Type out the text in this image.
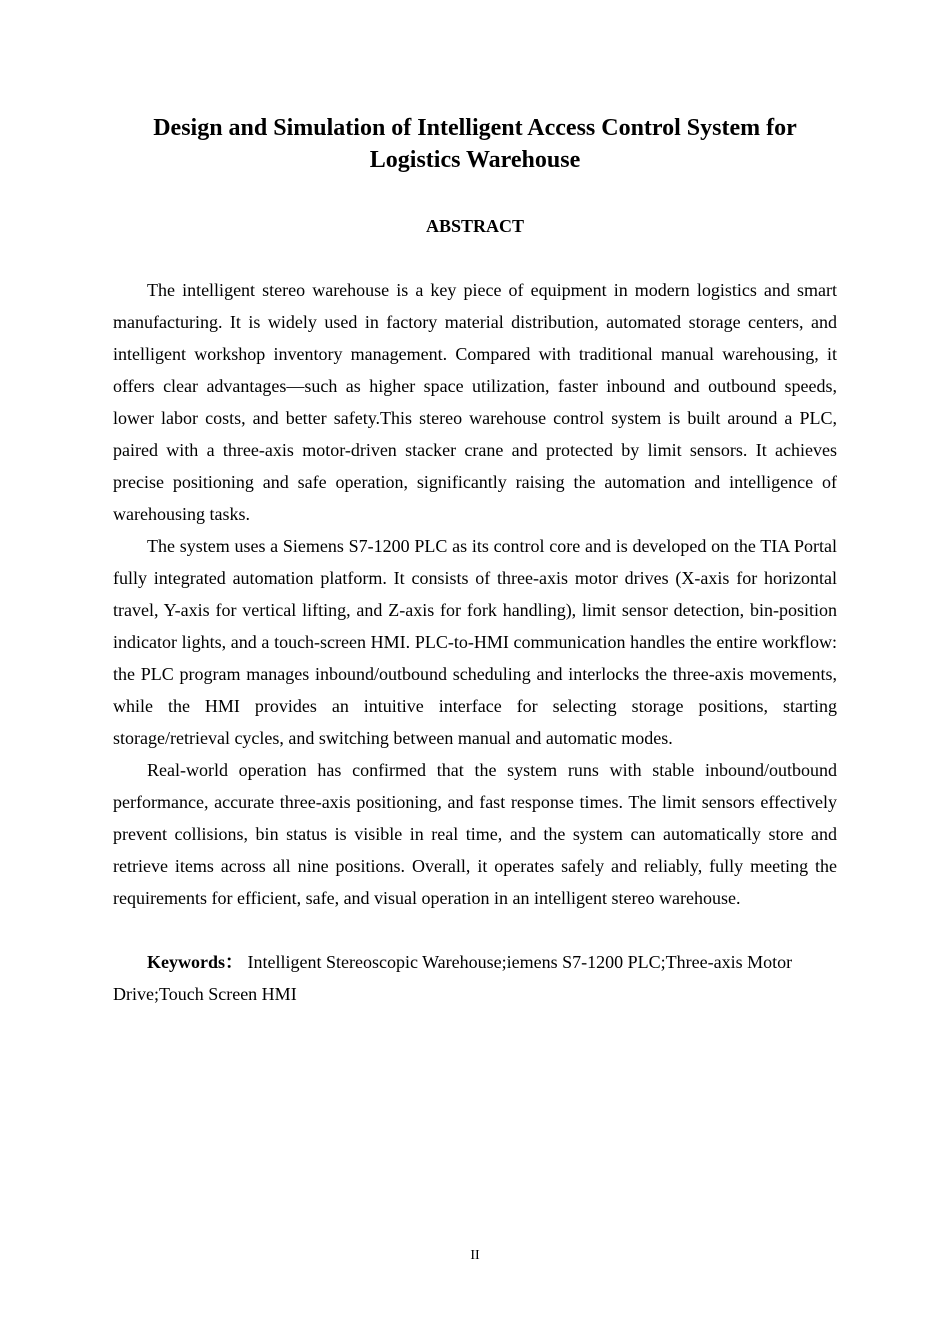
Design and Simulation of Intelligent Access Control System for
Logistics Warehouse
ABSTRACT

The intelligent stereo warehouse is a key piece of equipment in modern logistics and smart manufacturing. It is widely used in factory material distribution, automated storage centers, and intelligent workshop inventory management. Compared with traditional manual warehousing, it offers clear advantages—such as higher space utilization, faster inbound and outbound speeds, lower labor costs, and better safety.This stereo warehouse control system is built around a PLC, paired with a three-axis motor-driven stacker crane and protected by limit sensors. It achieves precise positioning and safe operation, significantly raising the automation and intelligence of warehousing tasks.

The system uses a Siemens S7-1200 PLC as its control core and is developed on the TIA Portal fully integrated automation platform. It consists of three-axis motor drives (X-axis for horizontal travel, Y-axis for vertical lifting, and Z-axis for fork handling), limit sensor detection, bin-position indicator lights, and a touch-screen HMI. PLC-to-HMI communication handles the entire workflow: the PLC program manages inbound/outbound scheduling and interlocks the three-axis movements, while the HMI provides an intuitive interface for selecting storage positions, starting storage/retrieval cycles, and switching between manual and automatic modes.

Real-world operation has confirmed that the system runs with stable inbound/outbound performance, accurate three-axis positioning, and fast response times. The limit sensors effectively prevent collisions, bin status is visible in real time, and the system can automatically store and retrieve items across all nine positions. Overall, it operates safely and reliably, fully meeting the requirements for efficient, safe, and visual operation in an intelligent stereo warehouse.

Keywords： Intelligent Stereoscopic Warehouse;iemens S7-1200 PLC;Three-axis Motor Drive;Touch Screen HMI

II
